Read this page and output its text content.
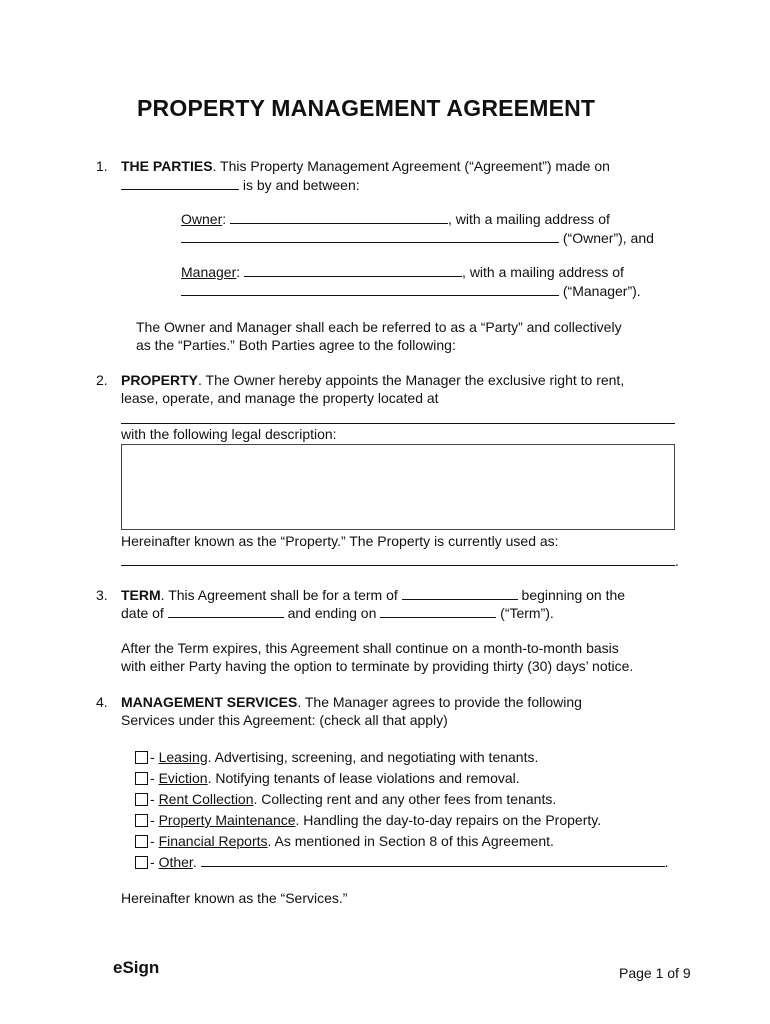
PROPERTY MANAGEMENT AGREEMENT
1. THE PARTIES. This Property Management Agreement (“Agreement”) made on
is by and between:
Owner:	, with a mailing address of
(“Owner”), and
Manager:	, with a mailing address of
(“Manager”).
The Owner and Manager shall each be referred to as a “Party” and collectively
as the “Parties.” Both Parties agree to the following:
2. PROPERTY. The Owner hereby appoints the Manager the exclusive right to rent,
lease, operate, and manage the property located at
with the following legal description:
Hereinafter known as the “Property.” The Property is currently used as:
.
3. TERM. This Agreement shall be for a term of	beginning on the
date of	and ending on	(“Term”).
After the Term expires, this Agreement shall continue on a month-to-month basis
with either Party having the option to terminate by providing thirty (30) days’ notice.
4. MANAGEMENT SERVICES. The Manager agrees to provide the following
Services under this Agreement: (check all that apply)
- Leasing. Advertising, screening, and negotiating with tenants.
- Eviction. Notifying tenants of lease violations and removal.
- Rent Collection. Collecting rent and any other fees from tenants.
- Property Maintenance. Handling the day-to-day repairs on the Property.
- Financial Reports. As mentioned in Section 8 of this Agreement.
- Other.	.
Hereinafter known as the “Services.”
eSign	Page 1 of 9
